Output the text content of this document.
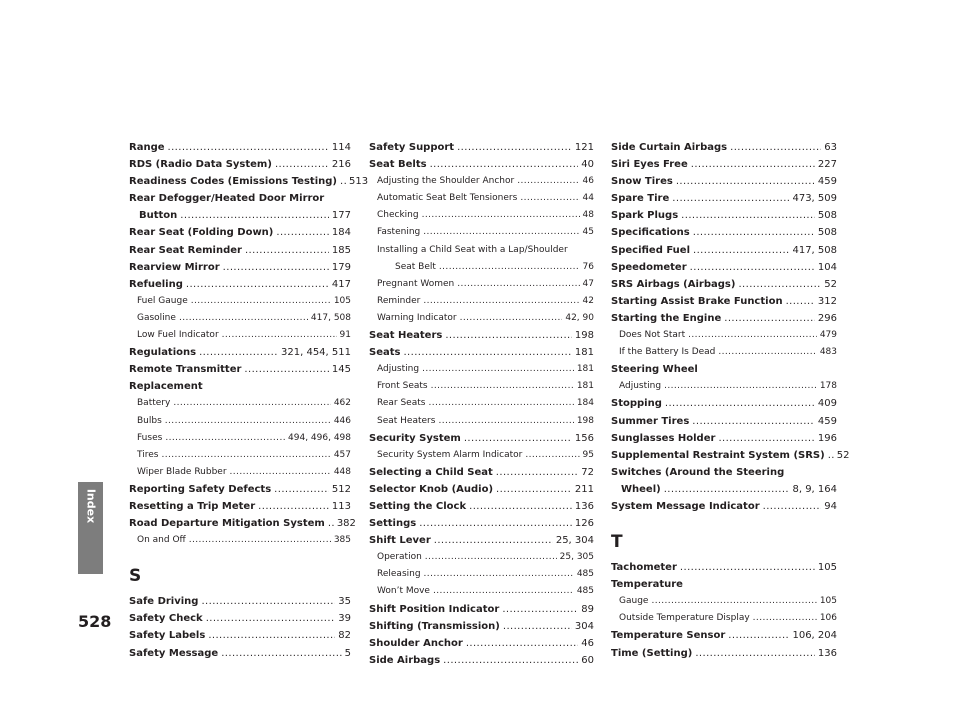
Index
Range .....	114
RDS (Radio Data System) .....	216
Readiness Codes (Emissions Testing) ..... 513
Rear Defogger/Heated Door Mirror
Button .....	177
Rear Seat (Folding Down) .....	184
Rear Seat Reminder .....	185
Rearview Mirror .....	179
Refueling .....	417
Fuel Gauge .....	105
Gasoline .....	417, 508
Low Fuel Indicator .....	91
Regulations .....	321, 454, 511
Remote Transmitter .....	145
Replacement
Battery .....	462
Bulbs .....	446
Fuses .....	494, 496, 498
Tires .....	457
Wiper Blade Rubber .....	448
Reporting Safety Defects .....	512
Resetting a Trip Meter .....	113
Road Departure Mitigation System ..... 382
On and Off .....	385
S
Safe Driving .....	35
Safety Check .....	39
Safety Labels .....	82
Safety Message .....	5
Safety Support .....	121
Seat Belts .....	40
Adjusting the Shoulder Anchor .....	46
Automatic Seat Belt Tensioners .....	44
Checking .....	48
Fastening .....	45
Installing a Child Seat with a Lap/Shoulder
Seat Belt .....	76
Pregnant Women .....	47
Reminder .....	42
Warning Indicator .....	42, 90
Seat Heaters .....	198
Seats .....	181
Adjusting .....	181
Front Seats .....	181
Rear Seats .....	184
Seat Heaters .....	198
Security System .....	156
Security System Alarm Indicator .....	95
Selecting a Child Seat .....	72
Selector Knob (Audio) .....	211
Setting the Clock .....	136
Settings .....	126
Shift Lever .....	25, 304
Operation .....	25, 305
Releasing .....	485
Won’t Move .....	485
Shift Position Indicator .....	89
Shifting (Transmission) .....	304
Shoulder Anchor .....	46
Side Airbags .....	60
Side Curtain Airbags .....	63
Siri Eyes Free .....	227
Snow Tires .....	459
Spare Tire .....	473, 509
Spark Plugs .....	508
Specifications .....	508
Specified Fuel .....	417, 508
Speedometer .....	104
SRS Airbags (Airbags) .....	52
Starting Assist Brake Function .....	312
Starting the Engine .....	296
Does Not Start .....	479
If the Battery Is Dead .....	483
Steering Wheel
Adjusting .....	178
Stopping .....	409
Summer Tires .....	459
Sunglasses Holder .....	196
Supplemental Restraint System (SRS) ..... 52
Switches (Around the Steering
Wheel) .....	8, 9, 164
System Message Indicator .....	94
T
Tachometer .....	105
Temperature
Gauge .....	105
Outside Temperature Display .....	106
Temperature Sensor .....	106, 204
Time (Setting) .....	136
528
